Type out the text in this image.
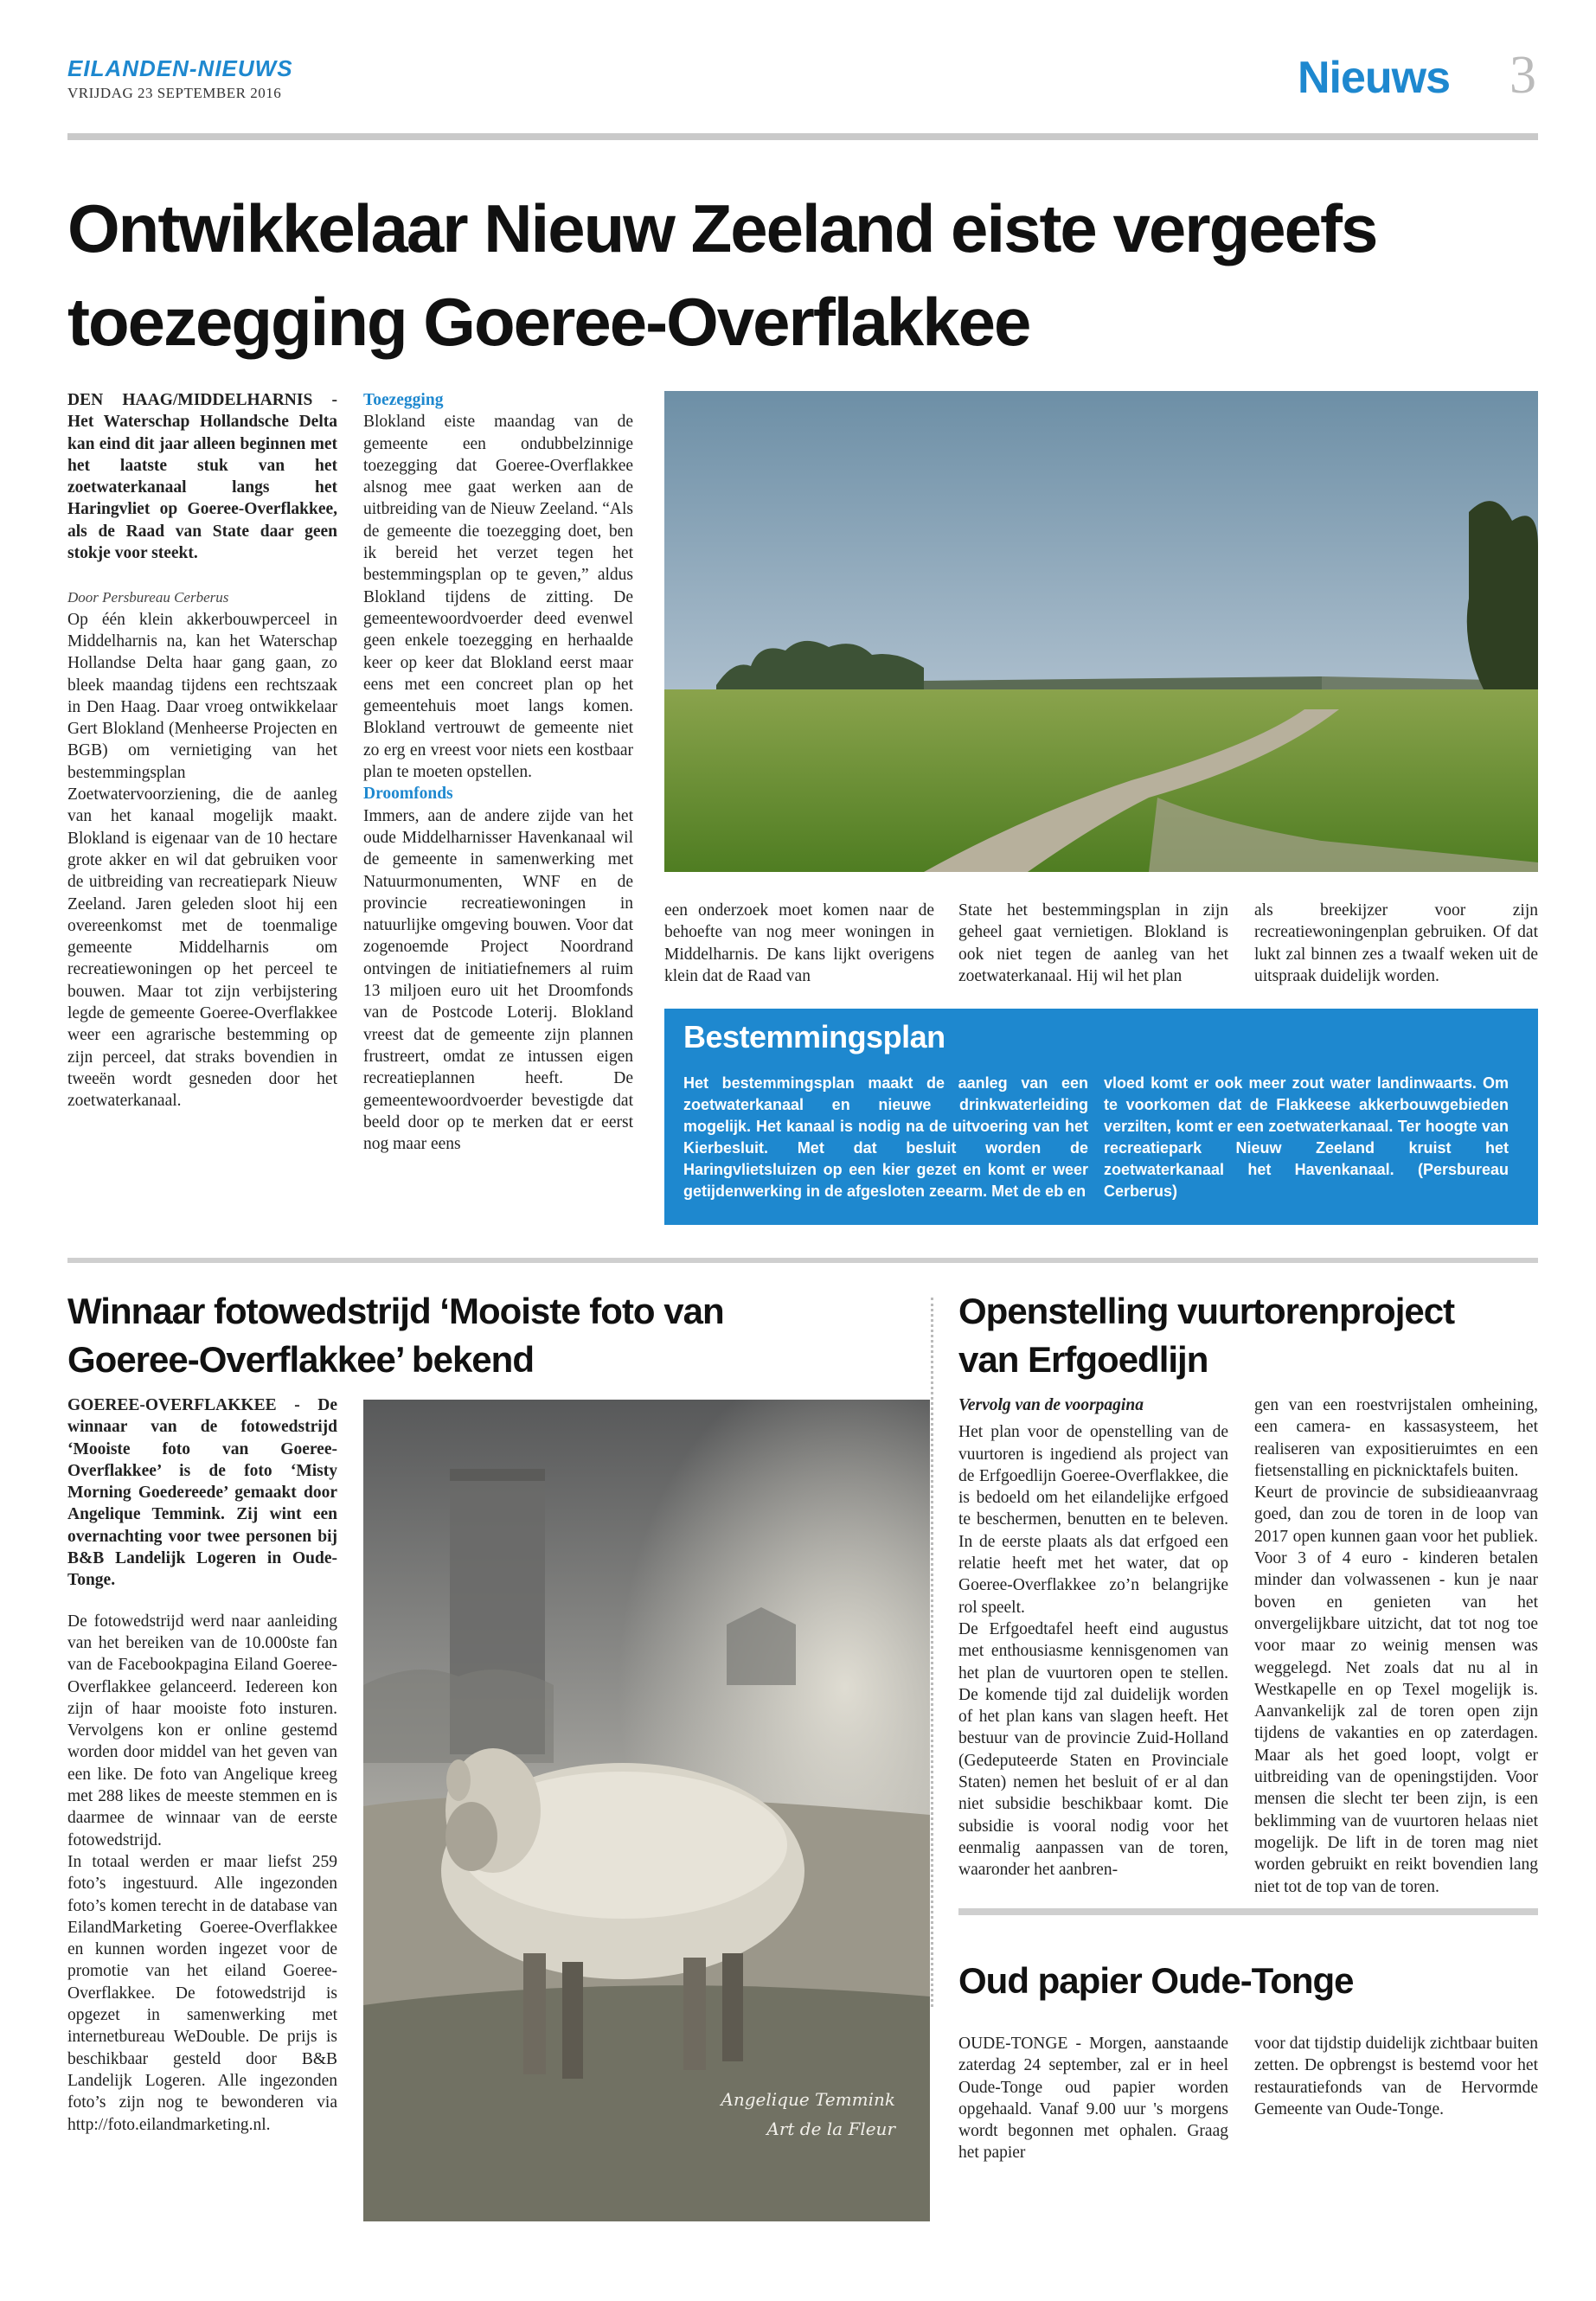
EILANDEN-NIEUWS
VRIJDAG 23 SEPTEMBER 2016	Nieuws 3
Ontwikkelaar Nieuw Zeeland eiste vergeefs
toezegging Goeree-Overflakkee

DEN HAAG/MIDDELHARNIS - Het Waterschap Hollandsche Delta kan eind dit jaar alleen beginnen met het laatste stuk van het zoetwaterkanaal langs het Haringvliet op Goeree-Overflakkee, als de Raad van State daar geen stokje voor steekt.

Door Persbureau Cerberus

Op één klein akkerbouwperceel in Middelharnis na, kan het Waterschap Hollandse Delta haar gang gaan, zo bleek maandag tijdens een rechtszaak in Den Haag. Daar vroeg ontwikkelaar Gert Blokland (Menheerse Projecten en BGB) om vernietiging van het bestemmingsplan Zoetwatervoorziening, die de aanleg van het kanaal mogelijk maakt. Blokland is eigenaar van de 10 hectare grote akker en wil dat gebruiken voor de uitbreiding van recreatiepark Nieuw Zeeland. Jaren geleden sloot hij een overeenkomst met de toenmalige gemeente Middelharnis om recreatiewoningen op het perceel te bouwen. Maar tot zijn verbijstering legde de gemeente Goeree-Overflakkee weer een agrarische bestemming op zijn perceel, dat straks bovendien in tweeën wordt gesneden door het zoetwaterkanaal.

Toezegging

Blokland eiste maandag van de gemeente een ondubbelzinnige toezegging dat Goeree-Overflakkee alsnog mee gaat werken aan de uitbreiding van de Nieuw Zeeland. “Als de gemeente die toezegging doet, ben ik bereid het verzet tegen het bestemmingsplan op te geven,” aldus Blokland tijdens de zitting. De gemeentewoordvoerder deed evenwel geen enkele toezegging en herhaalde keer op keer dat Blokland eerst maar eens met een concreet plan op het gemeentehuis moet langs komen. Blokland vertrouwt de gemeente niet zo erg en vreest voor niets een kostbaar plan te moeten opstellen.

Droomfonds

Immers, aan de andere zijde van het oude Middelharnisser Havenkanaal wil de gemeente in samenwerking met Natuurmonumenten, WNF en de provincie recreatiewoningen in natuurlijke omgeving bouwen. Voor dat zogenoemde Project Noordrand ontvingen de initiatiefnemers al ruim 13 miljoen euro uit het Droomfonds van de Postcode Loterij. Blokland vreest dat de gemeente zijn plannen frustreert, omdat ze intussen eigen recreatieplannen heeft. De gemeentewoordvoerder bevestigde dat beeld door op te merken dat er eerst nog maar eens

een onderzoek moet komen naar de behoefte van nog meer woningen in Middelharnis. De kans lijkt overigens klein dat de Raad van
State het bestemmingsplan in zijn geheel gaat vernietigen. Blokland is ook niet tegen de aanleg van het zoetwaterkanaal. Hij wil het plan
als breekijzer voor zijn recreatiewoningenplan gebruiken. Of dat lukt zal binnen zes a twaalf weken uit de uitspraak duidelijk worden.
Bestemmingsplan
Het bestemmingsplan maakt de aanleg van een zoetwaterkanaal en nieuwe drinkwaterleiding mogelijk. Het kanaal is nodig na de uitvoering van het Kierbesluit. Met dat besluit worden de Haringvlietsluizen op een kier gezet en komt er weer getijdenwerking in de afgesloten zeearm. Met de eb en
vloed komt er ook meer zout water landinwaarts. Om te voorkomen dat de Flakkeese akkerbouwgebieden verzilten, komt er een zoetwaterkanaal. Ter hoogte van recreatiepark Nieuw Zeeland kruist het zoetwaterkanaal het Havenkanaal. (Persbureau Cerberus)
Winnaar fotowedstrijd ‘Mooiste foto van
Goeree-Overflakkee’ bekend

GOEREE-OVERFLAKKEE - De winnaar van de fotowedstrijd ‘Mooiste foto van Goeree-Overflakkee’ is de foto ‘Misty Morning Goedereede’ gemaakt door Angelique Temmink. Zij wint een overnachting voor twee personen bij B&B Landelijk Logeren in Oude-Tonge.

De fotowedstrijd werd naar aanleiding van het bereiken van de 10.000ste fan van de Facebookpagina Eiland Goeree-Overflakkee gelanceerd. Iedereen kon zijn of haar mooiste foto insturen. Vervolgens kon er online gestemd worden door middel van het geven van een like. De foto van Angelique kreeg met 288 likes de meeste stemmen en is daarmee de winnaar van de eerste fotowedstrijd.

In totaal werden er maar liefst 259 foto’s ingestuurd. Alle ingezonden foto’s komen terecht in de database van EilandMarketing Goeree-Overflakkee en kunnen worden ingezet voor de promotie van het eiland Goeree-Overflakkee. De fotowedstrijd is opgezet in samenwerking met internetbureau WeDouble. De prijs is beschikbaar gesteld door B&B Landelijk Logeren. Alle ingezonden foto’s zijn nog te bewonderen via http://foto.eilandmarketing.nl.

Angelique Temmink
Art de la Fleur
Openstelling vuurtorenproject
van Erfgoedlijn

Vervolg van de voorpagina

Het plan voor de openstelling van de vuurtoren is ingediend als project van de Erfgoedlijn Goeree-Overflakkee, die is bedoeld om het eilandelijke erfgoed te beschermen, benutten en te beleven. In de eerste plaats als dat erfgoed een relatie heeft met het water, dat op Goeree-Overflakkee zo’n belangrijke rol speelt.

De Erfgoedtafel heeft eind augustus met enthousiasme kennisgenomen van het plan de vuurtoren open te stellen. De komende tijd zal duidelijk worden of het plan kans van slagen heeft. Het bestuur van de provincie Zuid-Holland (Gedeputeerde Staten en Provinciale Staten) nemen het besluit of er al dan niet subsidie beschikbaar komt. Die subsidie is vooral nodig voor het eenmalig aanpassen van de toren, waaronder het aanbren-

gen van een roestvrijstalen omheining, een camera- en kassasysteem, het realiseren van expositieruimtes en een fietsenstalling en picknicktafels buiten.

Keurt de provincie de subsidieaanvraag goed, dan zou de toren in de loop van 2017 open kunnen gaan voor het publiek. Voor 3 of 4 euro - kinderen betalen minder dan volwassenen - kun je naar boven en genieten van het onvergelijkbare uitzicht, dat tot nog toe voor maar zo weinig mensen was weggelegd. Net zoals dat nu al in Westkapelle en op Texel mogelijk is. Aanvankelijk zal de toren open zijn tijdens de vakanties en op zaterdagen. Maar als het goed loopt, volgt er uitbreiding van de openingstijden. Voor mensen die slecht ter been zijn, is een beklimming van de vuurtoren helaas niet mogelijk. De lift in de toren mag niet worden gebruikt en reikt bovendien lang niet tot de top van de toren.

Oud papier Oude-Tonge
OUDE-TONGE - Morgen, aanstaande zaterdag 24 september, zal er in heel Oude-Tonge oud papier worden opgehaald. Vanaf 9.00 uur 's morgens wordt begonnen met ophalen. Graag het papier
voor dat tijdstip duidelijk zichtbaar buiten zetten. De opbrengst is bestemd voor het restauratiefonds van de Hervormde Gemeente van Oude-Tonge.
